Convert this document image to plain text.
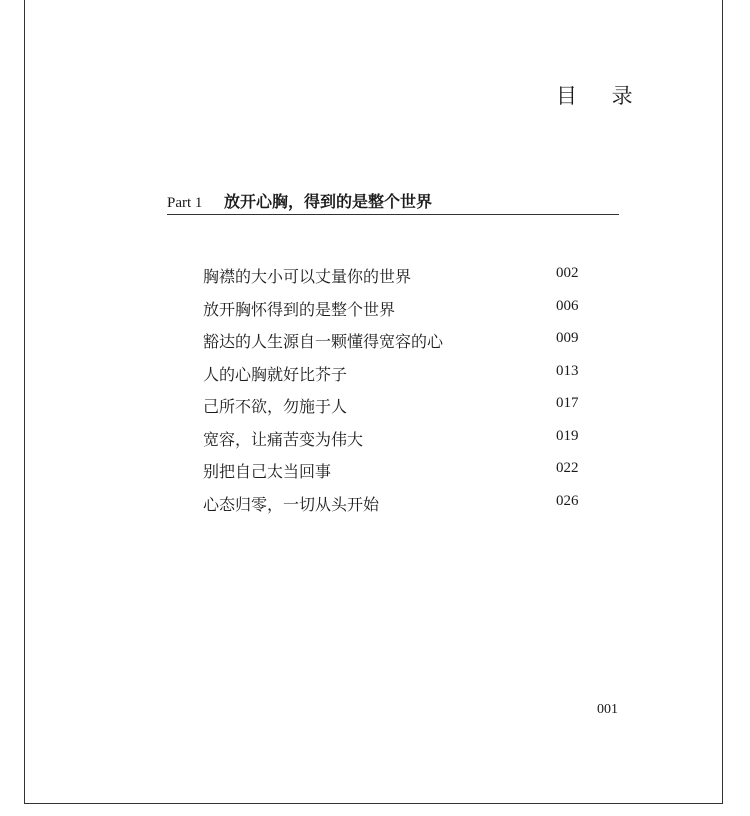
目 录
Part 1 放开心胸，得到的是整个世界
胸襟的大小可以丈量你的世界	002
放开胸怀得到的是整个世界	006
豁达的人生源自一颗懂得宽容的心	009
人的心胸就好比芥子	013
己所不欲，勿施于人	017
宽容，让痛苦变为伟大	019
别把自己太当回事	022
心态归零，一切从头开始	026
001
